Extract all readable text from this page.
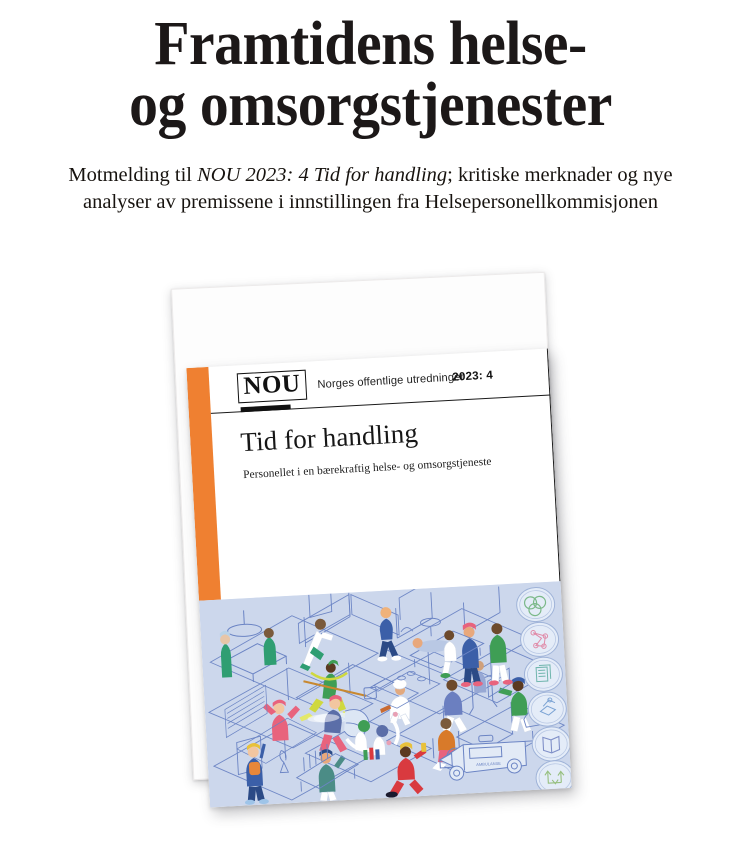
Framtidens helse-
og omsorgstjenester

Motmelding til NOU 2023: 4 Tid for handling; kritiske merknader og nye
analyser av premissene i innstillingen fra Helsepersonellkommisjonen

NOU	Norges offentlige utredninger
2023: 4
Tid for handling
Personellet i en bærekraftig helse- og omsorgstjeneste
AMBULANSE
